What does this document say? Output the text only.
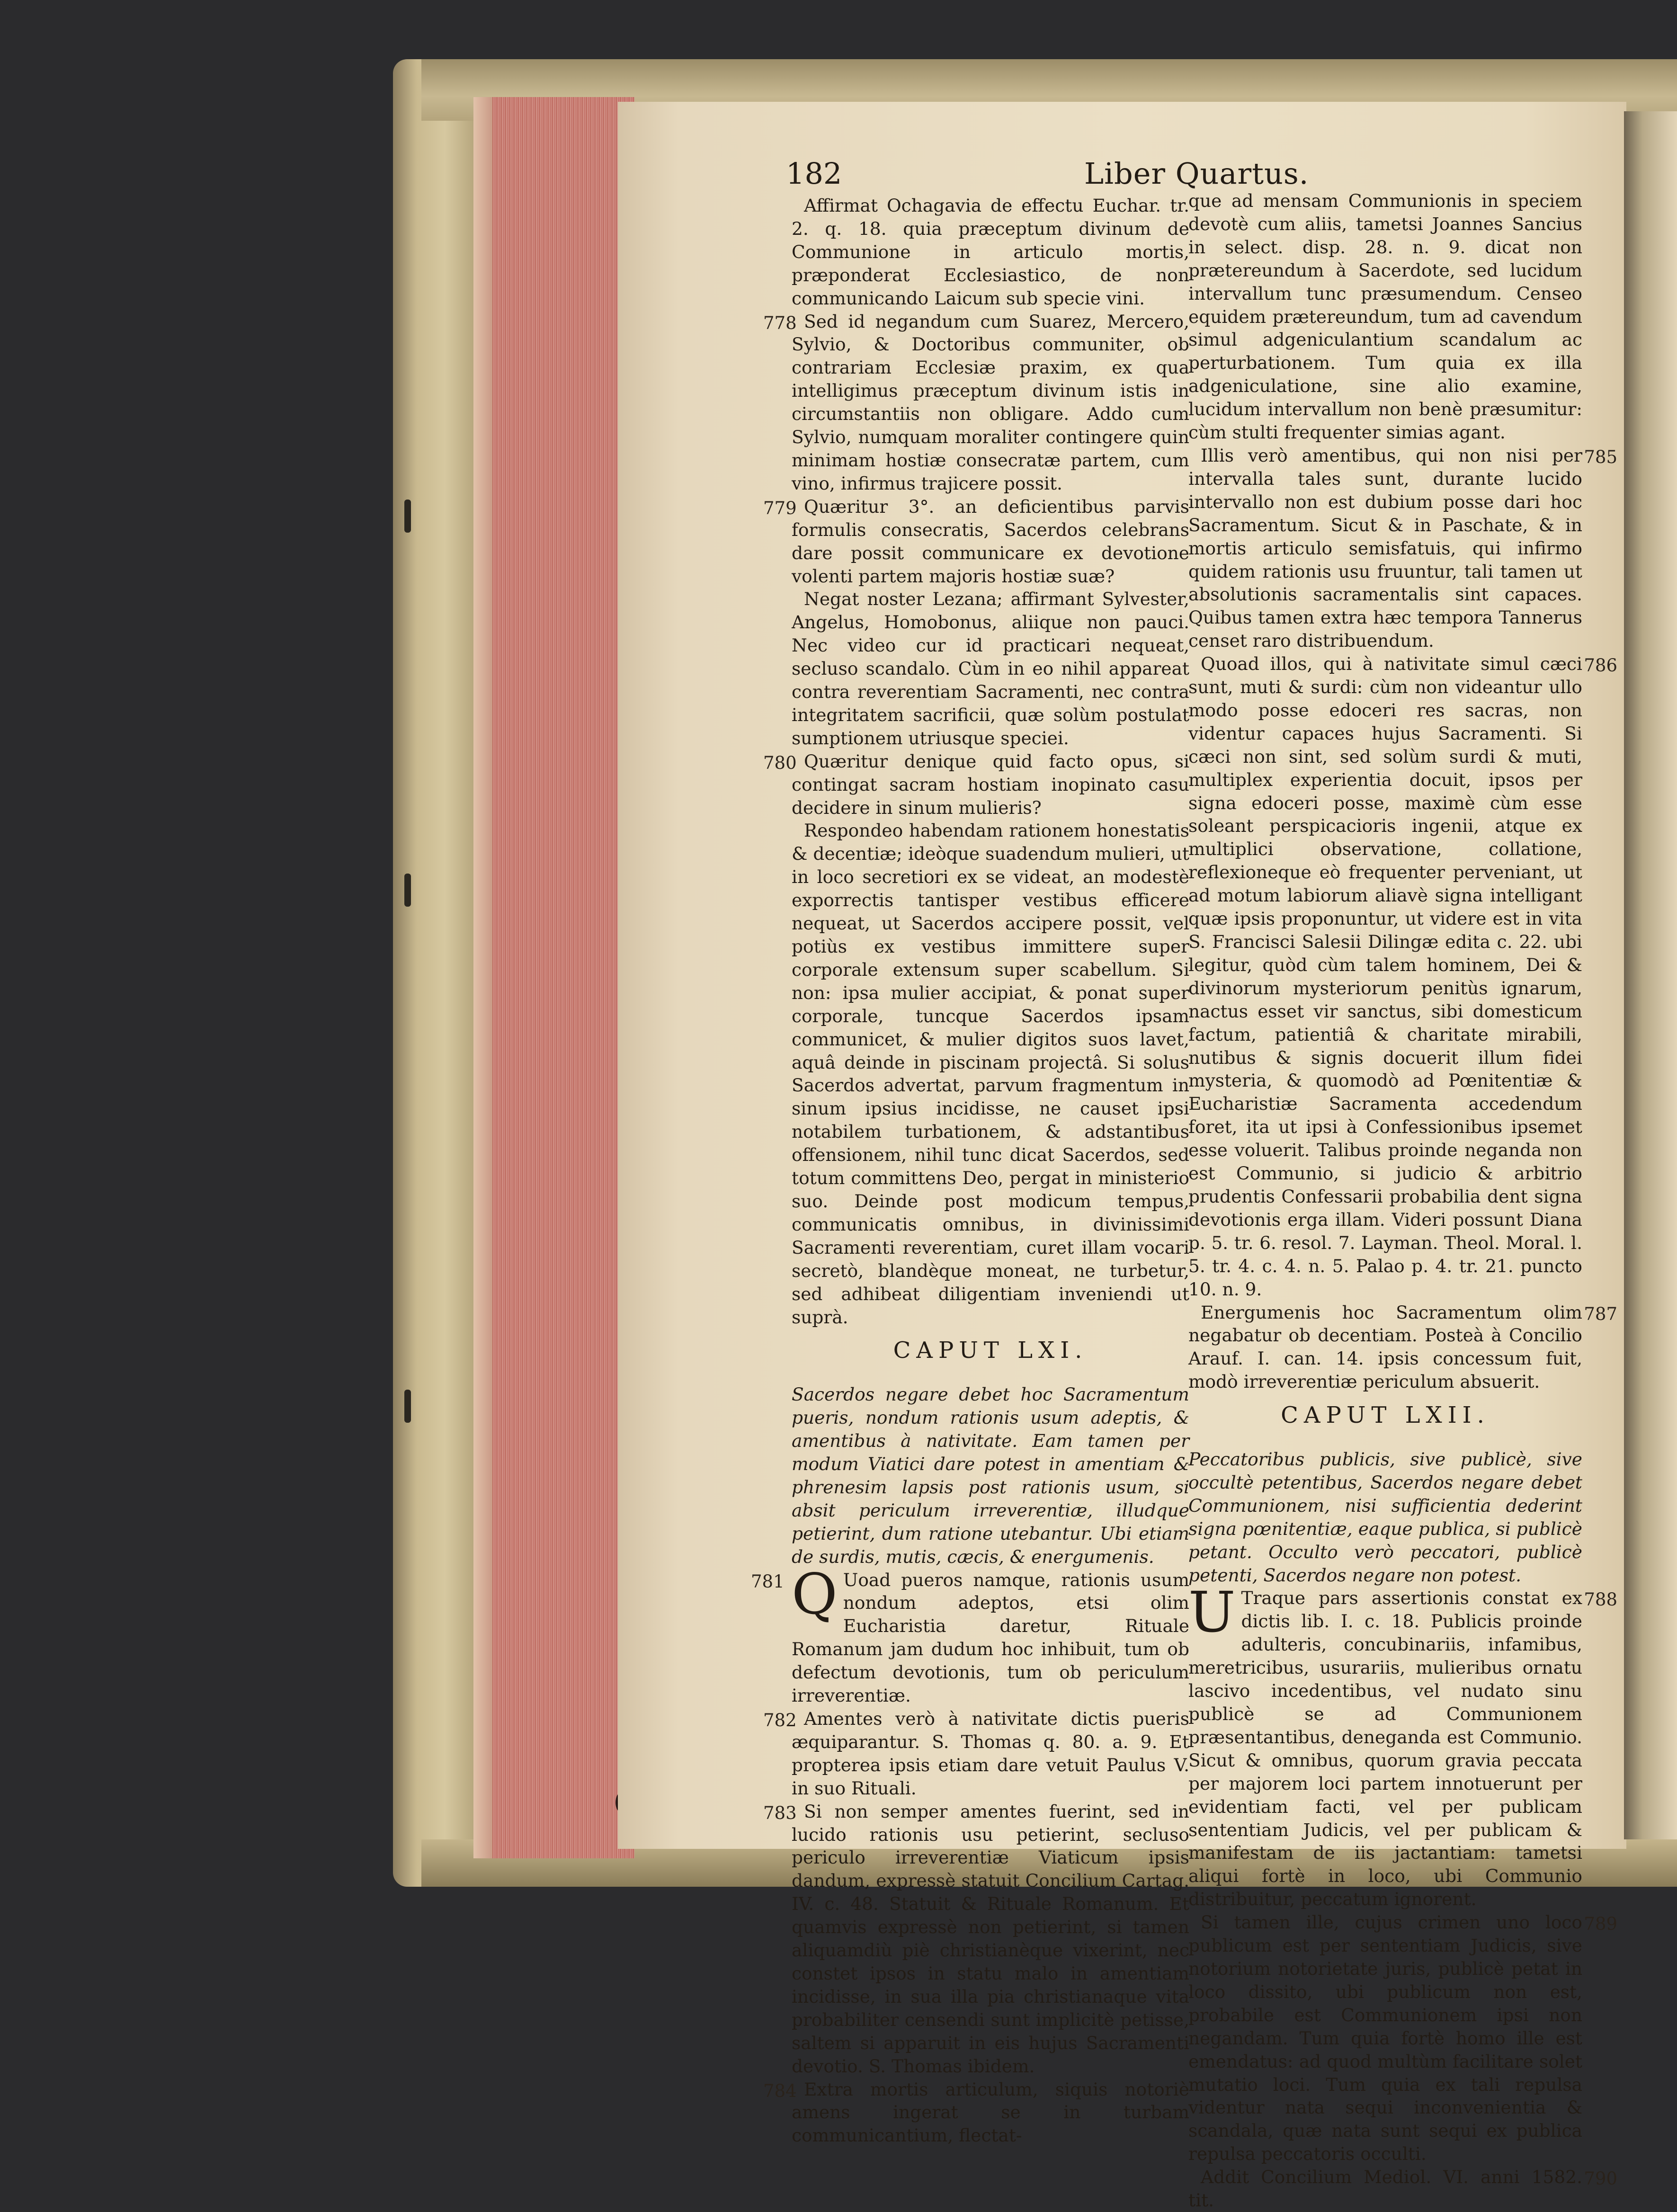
182	Liber Quartus.

Affirmat Ochagavia de effectu Euchar. tr. 2. q. 18. quia præceptum divinum de Communione in articulo mortis, præponderat Ecclesiastico, de non communicando Laicum sub specie vini.

Sed id negandum cum Suarez, Mercero, Sylvio, & Doctoribus communiter, ob contrariam Ecclesiæ praxim, ex qua intelligimus præceptum divinum istis in circumstantiis non obligare. Addo cum Sylvio, numquam moraliter contingere quin minimam hostiæ consecratæ partem, cum vino, infirmus trajicere possit.
778

Quæritur 3°. an deficientibus parvis formulis consecratis, Sacerdos celebrans dare possit communicare ex devotione volenti partem majoris hostiæ suæ?
779

Negat noster Lezana; affirmant Sylvester, Angelus, Homobonus, aliique non pauci. Nec video cur id practicari nequeat, secluso scandalo. Cùm in eo nihil appareat contra reverentiam Sacramenti, nec contra integritatem sacrificii, quæ solùm postulat sumptionem utriusque speciei.

Quæritur denique quid facto opus, si contingat sacram hostiam inopinato casu decidere in sinum mulieris?
780

Respondeo habendam rationem honestatis & decentiæ; ideòque suadendum mulieri, ut in loco secretiori ex se videat, an modestè exporrectis tantisper vestibus efficere nequeat, ut Sacerdos accipere possit, vel potiùs ex vestibus immittere super corporale extensum super scabellum. Si non: ipsa mulier accipiat, & ponat super corporale, tuncque Sacerdos ipsam communicet, & mulier digitos suos lavet, aquâ deinde in piscinam projectâ. Si solus Sacerdos advertat, parvum fragmentum in sinum ipsius incidisse, ne causet ipsi notabilem turbationem, & adstantibus offensionem, nihil tunc dicat Sacerdos, sed totum committens Deo, pergat in ministerio suo. Deinde post modicum tempus, communicatis omnibus, in divinissimi Sacramenti reverentiam, curet illam vocari secretò, blandèque moneat, ne turbetur, sed adhibeat diligentiam inveniendi ut suprà.

CAPUT LXI.

Sacerdos negare debet hoc Sacramentum pueris, nondum rationis usum adeptis, & amentibus à nativitate. Eam tamen per modum Viatici dare potest in amentiam & phrenesim lapsis post rationis usum, si absit periculum irreverentiæ, illudque petierint, dum ratione utebantur. Ubi etiam de surdis, mutis, cæcis, & energumenis.

Q Uoad pueros namque, rationis usum nondum adeptos, etsi olim Eucharistia daretur, Rituale Romanum jam dudum hoc inhibuit, tum ob defectum devotionis, tum ob periculum irreverentiæ.
781

Amentes verò à nativitate dictis pueris æquiparantur. S. Thomas q. 80. a. 9. Et propterea ipsis etiam dare vetuit Paulus V. in suo Rituali.
782

Si non semper amentes fuerint, sed in lucido rationis usu petierint, secluso periculo irreverentiæ Viaticum ipsis dandum, expressè statuit Concilium Cartag. IV. c. 48. Statuit & Rituale Romanum. Et quamvis expressè non petierint, si tamen aliquamdiù piè christianèque vixerint, nec constet ipsos in statu malo in amentiam incidisse, in sua illa pia christianaque vita probabiliter censendi sunt implicitè petisse, saltem si apparuit in eis hujus Sacramenti devotio. S. Thomas ibidem.
783

Extra mortis articulum, siquis notoriè amens ingerat se in turbam communicantium, flectat-
784

que ad mensam Communionis in speciem devotè cum aliis, tametsi Joannes Sancius in select. disp. 28. n. 9. dicat non prætereundum à Sacerdote, sed lucidum intervallum tunc præsumendum. Censeo equidem prætereundum, tum ad cavendum simul adgeniculantium scandalum ac perturbationem. Tum quia ex illa adgeniculatione, sine alio examine, lucidum intervallum non benè præsumitur: cùm stulti frequenter simias agant.

Illis verò amentibus, qui non nisi per intervalla tales sunt, durante lucido intervallo non est dubium posse dari hoc Sacramentum. Sicut & in Paschate, & in mortis articulo semisfatuis, qui infirmo quidem rationis usu fruuntur, tali tamen ut absolutionis sacramentalis sint capaces. Quibus tamen extra hæc tempora Tannerus censet raro distribuendum.
785

Quoad illos, qui à nativitate simul cæci sunt, muti & surdi: cùm non videantur ullo modo posse edoceri res sacras, non videntur capaces hujus Sacramenti. Si cæci non sint, sed solùm surdi & muti, multiplex experientia docuit, ipsos per signa edoceri posse, maximè cùm esse soleant perspicacioris ingenii, atque ex multiplici observatione, collatione, reflexioneque eò frequenter perveniant, ut ad motum labiorum aliavè signa intelligant quæ ipsis proponuntur, ut videre est in vita S. Francisci Salesii Dilingæ edita c. 22. ubi legitur, quòd cùm talem hominem, Dei & divinorum mysteriorum penitùs ignarum, nactus esset vir sanctus, sibi domesticum factum, patientiâ & charitate mirabili, nutibus & signis docuerit illum fidei mysteria, & quomodò ad Pœnitentiæ & Eucharistiæ Sacramenta accedendum foret, ita ut ipsi à Confessionibus ipsemet esse voluerit. Talibus proinde neganda non est Communio, si judicio & arbitrio prudentis Confessarii probabilia dent signa devotionis erga illam. Videri possunt Diana p. 5. tr. 6. resol. 7. Layman. Theol. Moral. l. 5. tr. 4. c. 4. n. 5. Palao p. 4. tr. 21. puncto 10. n. 9.
786

Energumenis hoc Sacramentum olim negabatur ob decentiam. Posteà à Concilio Arauf. I. can. 14. ipsis concessum fuit, modò irreverentiæ periculum absuerit.
787

CAPUT LXII.

Peccatoribus publicis, sive publicè, sive occultè petentibus, Sacerdos negare debet Communionem, nisi sufficientia dederint signa pœnitentiæ, eaque publica, si publicè petant. Occulto verò peccatori, publicè petenti, Sacerdos negare non potest.

U Traque pars assertionis constat ex dictis lib. I. c. 18. Publicis proinde adulteris, concubinariis, infamibus, meretricibus, usurariis, mulieribus ornatu lascivo incedentibus, vel nudato sinu publicè se ad Communionem præsentantibus, deneganda est Communio. Sicut & omnibus, quorum gravia peccata per majorem loci partem innotuerunt per evidentiam facti, vel per publicam sententiam Judicis, vel per publicam & manifestam de iis jactantiam: tametsi aliqui fortè in loco, ubi Communio distribuitur, peccatum ignorent.
788

Si tamen ille, cujus crimen uno loco publicum est per sententiam Judicis, sive notorium notorietate juris, publicè petat in loco dissito, ubi publicum non est, probabile est Communionem ipsi non negandam. Tum quia fortè homo ille est emendatus: ad quod multùm facilitare solet mutatio loci. Tum quia ex tali repulsa videntur nata sequi inconvenientia & scandala, quæ nata sunt sequi ex publica repulsa peccatoris occulti.
789

Addit Concilium Mediol. VI. anni 1582. tit.
790
